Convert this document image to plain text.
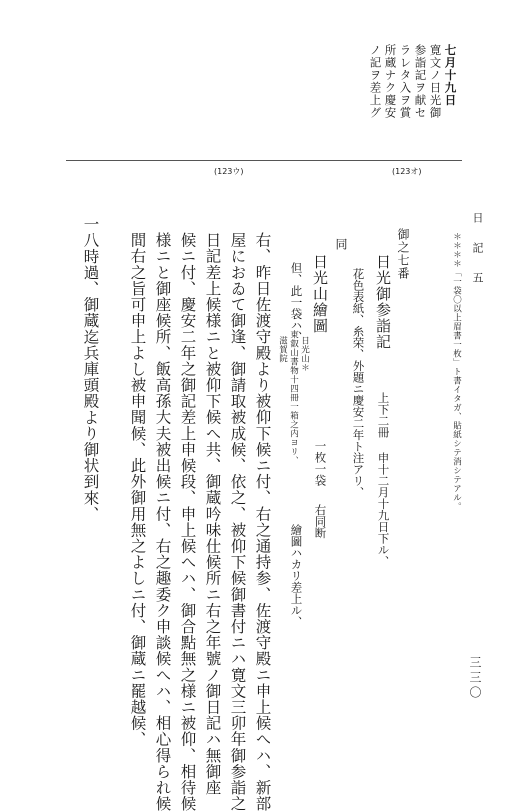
七月十九日
寛文ノ日光御
参詣記ヲ献セ
ラレタ入ヲ賞
所蔵ナク慶安
ノ記ヲ差上グ
(123ウ)	(123オ)
日　記　五
三三〇
＊＊＊＊「一袋〇以上眉書一枚」ト書イタガ、貼紙シテ消シテアル。
御之七番
日光御参詣記
上下二冊
申十二月十九日下ル、
花色表紙、糸荣、外題ニ慶安二年ト注アリ、
同
日光山繪圖
一枚一袋
右同断
但、此一袋ハ、
日光山＊
東叡山書物十四冊一箱之内ヨリ、
滋賀院
繪圖ハカリ差上ル、
右、昨日佐渡守殿より被仰下候ニ付、右之通持参、佐渡守殿ニ申上候へハ、新部
屋におゐて御逢、御請取被成候、依之、被仰下候御書付ニハ寛文三卯年御参詣之
日記差上候様ニと被仰下候へ共、御蔵吟味仕候所ニ右之年號ノ御日記ハ無御座
候ニ付、慶安二年之御記差上申候段、申上候へハ、御合點無之様ニ被仰、相待候
様ニと御座候所、飯高孫大夫被出候ニ付、右之趣委ク申談候へハ、相心得られ候
間右之旨可申上よし被申聞候、此外御用無之よしニ付、御蔵ニ罷越候、
一八時過、御蔵迄兵庫頭殿より御状到來、
